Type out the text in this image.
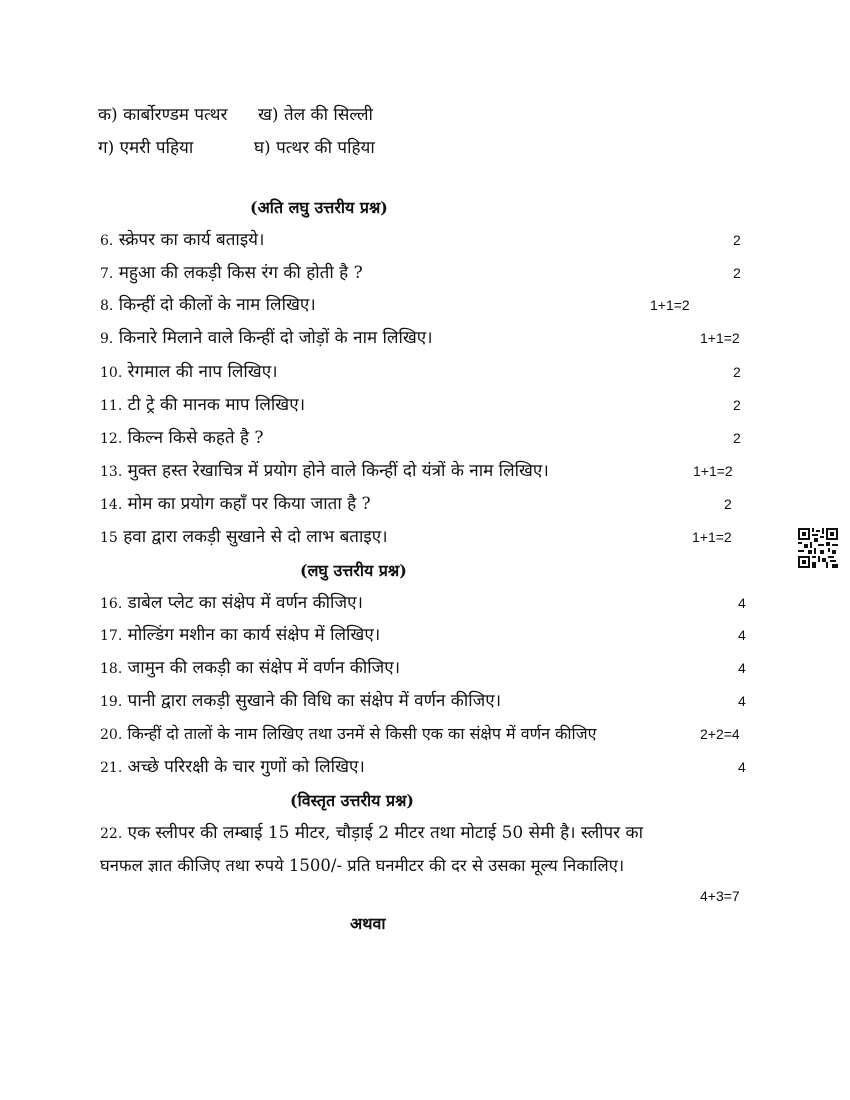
क) कार्बोरण्डम पत्थर ख) तेल की सिल्ली
ग) एमरी पहिया	घ) पत्थर की पहिया
(अति लघु उत्तरीय प्रश्न)
6. स्क्रेपर का कार्य बताइये।	2
7. महुआ की लकड़ी किस रंग की होती है ?	2
8. किन्हीं दो कीलों के नाम लिखिए।	1+1=2
9. किनारे मिलाने वाले किन्हीं दो जोड़ों के नाम लिखिए।	1+1=2
10. रेगमाल की नाप लिखिए।	2
11. टी ट्रे की मानक माप लिखिए।	2
12. किल्न किसे कहते है ?	2
13. मुक्त हस्त रेखाचित्र में प्रयोग होने वाले किन्हीं दो यंत्रों के नाम लिखिए।	1+1=2
14. मोम का प्रयोग कहाँ पर किया जाता है ?	2
15 हवा द्वारा लकड़ी सुखाने से दो लाभ बताइए।	1+1=2
(लघु उत्तरीय प्रश्न)
16. डाबेल प्लेट का संक्षेप में वर्णन कीजिए।	4
17. मोल्डिंग मशीन का कार्य संक्षेप में लिखिए।	4
18. जामुन की लकड़ी का संक्षेप में वर्णन कीजिए।	4
19. पानी द्वारा लकड़ी सुखाने की विधि का संक्षेप में वर्णन कीजिए।	4
20. किन्हीं दो तालों के नाम लिखिए तथा उनमें से किसी एक का संक्षेप में वर्णन कीजिए	2+2=4
21. अच्छे परिरक्षी के चार गुणों को लिखिए।	4
(विस्तृत उत्तरीय प्रश्न)
22. एक स्लीपर की लम्बाई 15 मीटर, चौड़ाई 2 मीटर तथा मोटाई 50 सेमी है। स्लीपर का
घनफल ज्ञात कीजिए तथा रुपये 1500/- प्रति घनमीटर की दर से उसका मूल्य निकालिए।
4+3=7
अथवा
